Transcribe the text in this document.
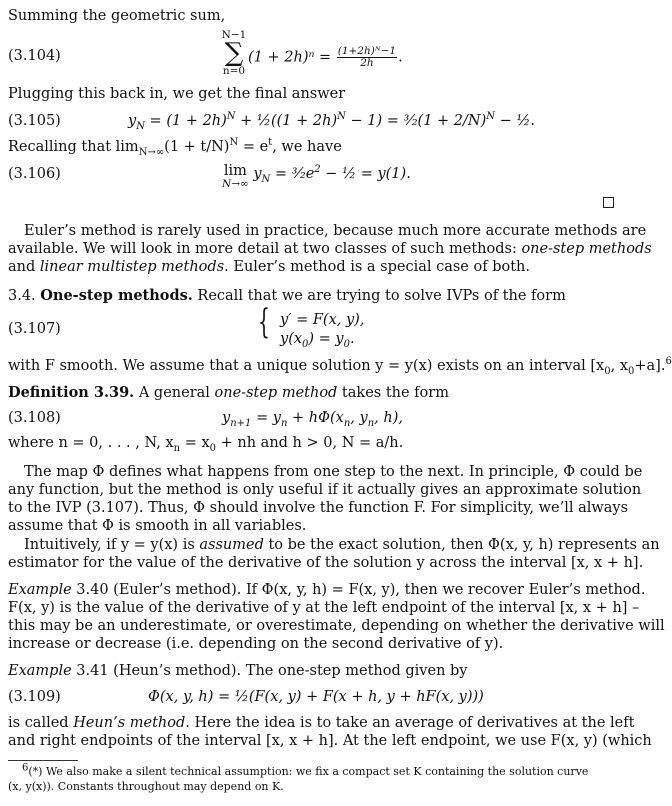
Summing the geometric sum,
(3.104)
N−1
∑
n=0
$(1 + 2h)^n = \frac{\text{(1+2h)ᴺ−1}}{2h}$ .
Plugging this back in, we get the final answer
(3.105)	$y_N = (1 + 2h)^N$ + ½((1 + 2h)$^N$ − 1) = ³⁄₂(1 + 2/N)$^N$ − ½.
Recalling that $\lim_{N\to\infty}(1 + t/N)^N = e^t$, we have
(3.106)	lim
N→∞
$y_N$ = $^3⁄_2e^2$ − ½ = y(1).
Euler’s method is rarely used in practice, because much more accurate methods are
available. We will look in more detail at two classes of such methods: one-step methods
and linear multistep methods. Euler’s method is a special case of both.
3.4. One-step methods. Recall that we are trying to solve IVPs of the form
(3.107)	{ y′ = F(x, y),
$y(x_0) = y_0$.
with F smooth. We assume that a unique solution y = y(x) exists on an interval [$x_0$, $x_0+a].^6$
Definition 3.39. A general one-step method takes the form
(3.108)	$y_{n+1} = y_n + h\Phi(x_n$, $y_n$, h),
where n = 0, . . . , N, $x_n = x_0$ + nh and h > 0, N = a/h.
The map Φ defines what happens from one step to the next. In principle, Φ could be
any function, but the method is only useful if it actually gives an approximate solution
to the IVP (3.107). Thus, Φ should involve the function F. For simplicity, we’ll always
assume that Φ is smooth in all variables.
Intuitively, if y = y(x) is assumed to be the exact solution, then Φ(x, y, h) represents an
estimator for the value of the derivative of the solution y across the interval [x, x + h].
Example 3.40 (Euler’s method). If Φ(x, y, h) = F(x, y), then we recover Euler’s method.
F(x, y) is the value of the derivative of y at the left endpoint of the interval [x, x + h] –
this may be an underestimate, or overestimate, depending on whether the derivative will
increase or decrease (i.e. depending on the second derivative of y).
Example 3.41 (Heun’s method). The one-step method given by
(3.109)	Φ(x, y, h) = ½(F(x, y) + F(x + h, y + hF(x, y)))
is called Heun’s method. Here the idea is to take an average of derivatives at the left
and right endpoints of the interval [x, x + h]. At the left endpoint, we use F(x, y) (which
$^6$(*) We also make a silent technical assumption: we fix a compact set K containing the solution curve
(x, y(x)). Constants throughout may depend on K.
